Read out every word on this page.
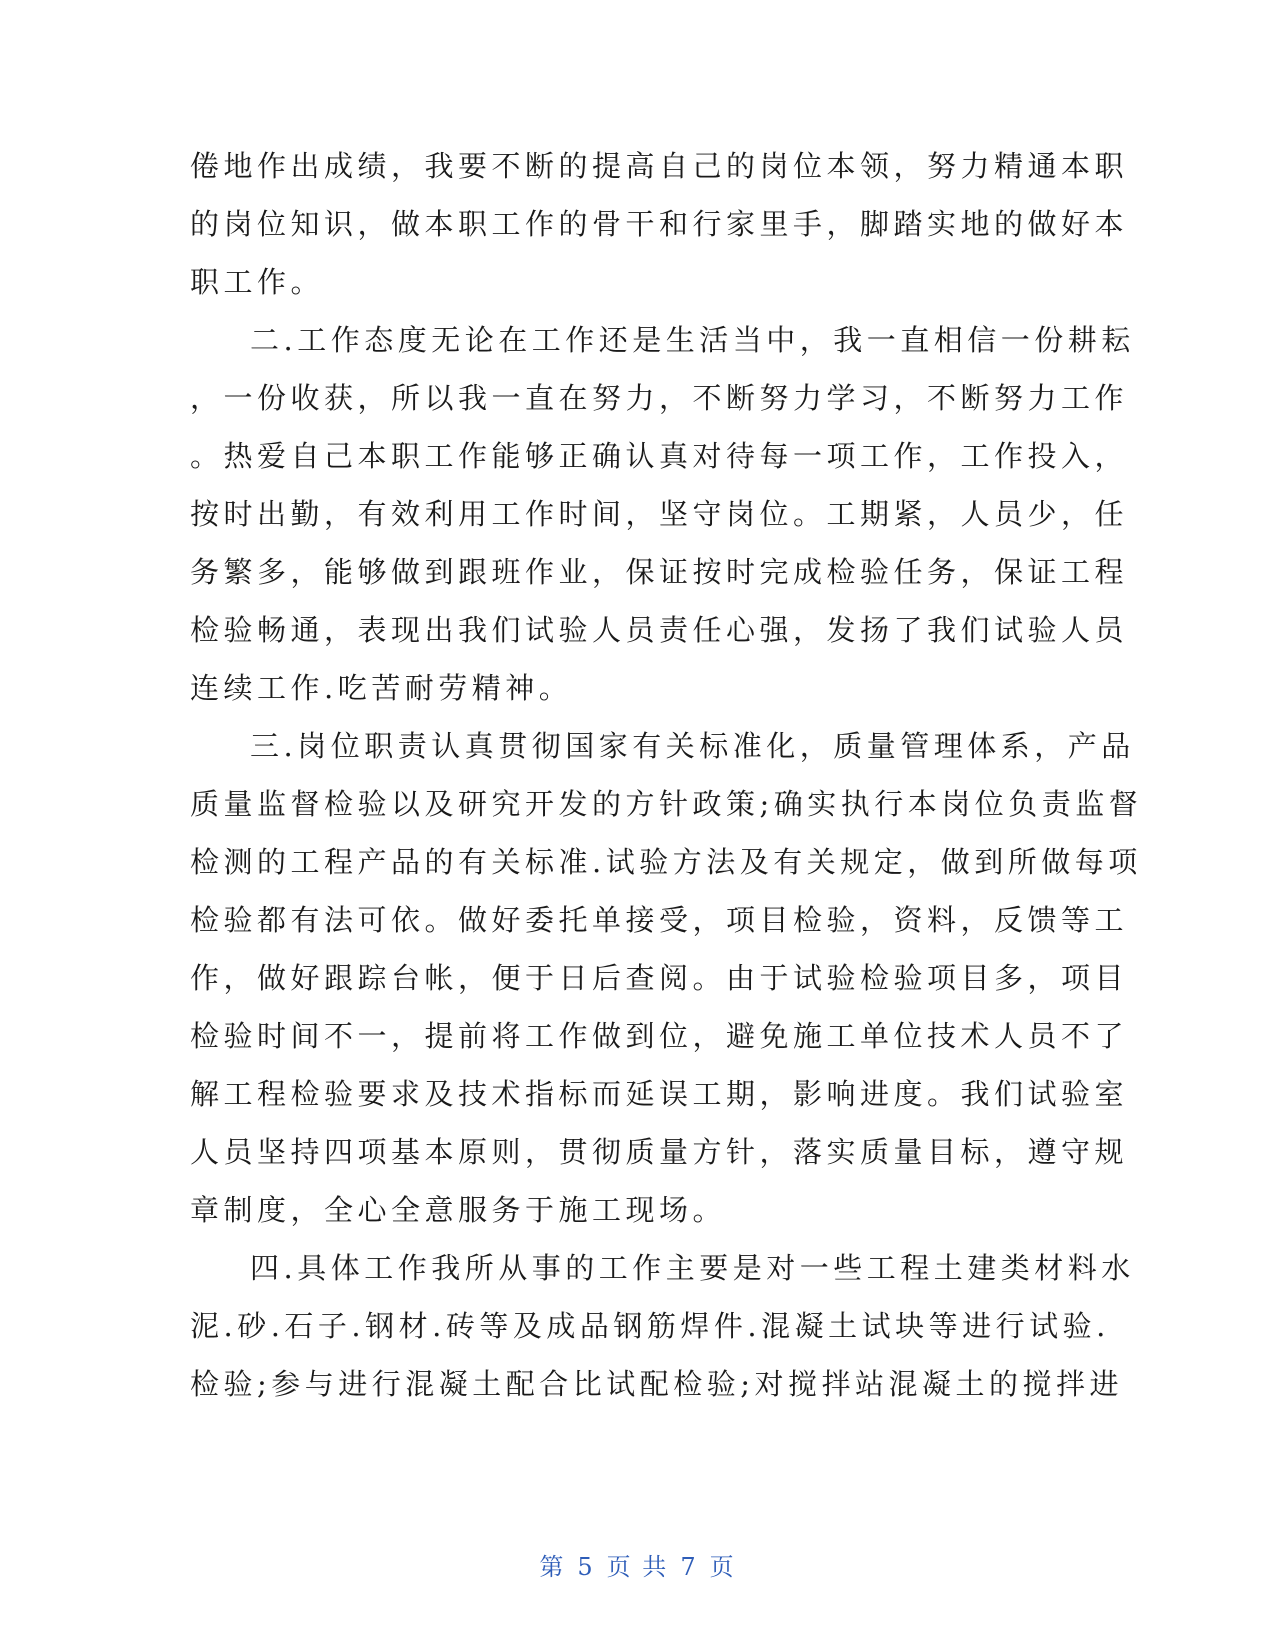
倦地作出成绩，我要不断的提高自己的岗位本领，努力精通本职
的岗位知识，做本职工作的骨干和行家里手，脚踏实地的做好本
职工作。
二.工作态度无论在工作还是生活当中，我一直相信一份耕耘
，一份收获，所以我一直在努力，不断努力学习，不断努力工作
。热爱自己本职工作能够正确认真对待每一项工作，工作投入，
按时出勤，有效利用工作时间，坚守岗位。工期紧，人员少，任
务繁多，能够做到跟班作业，保证按时完成检验任务，保证工程
检验畅通，表现出我们试验人员责任心强，发扬了我们试验人员
连续工作.吃苦耐劳精神。
三.岗位职责认真贯彻国家有关标准化，质量管理体系，产品
质量监督检验以及研究开发的方针政策;确实执行本岗位负责监督
检测的工程产品的有关标准.试验方法及有关规定，做到所做每项
检验都有法可依。做好委托单接受，项目检验，资料，反馈等工
作，做好跟踪台帐，便于日后查阅。由于试验检验项目多，项目
检验时间不一，提前将工作做到位，避免施工单位技术人员不了
解工程检验要求及技术指标而延误工期，影响进度。我们试验室
人员坚持四项基本原则，贯彻质量方针，落实质量目标，遵守规
章制度，全心全意服务于施工现场。
四.具体工作我所从事的工作主要是对一些工程土建类材料水
泥.砂.石子.钢材.砖等及成品钢筋焊件.混凝土试块等进行试验.
检验;参与进行混凝土配合比试配检验;对搅拌站混凝土的搅拌进
第 5 页 共 7 页
